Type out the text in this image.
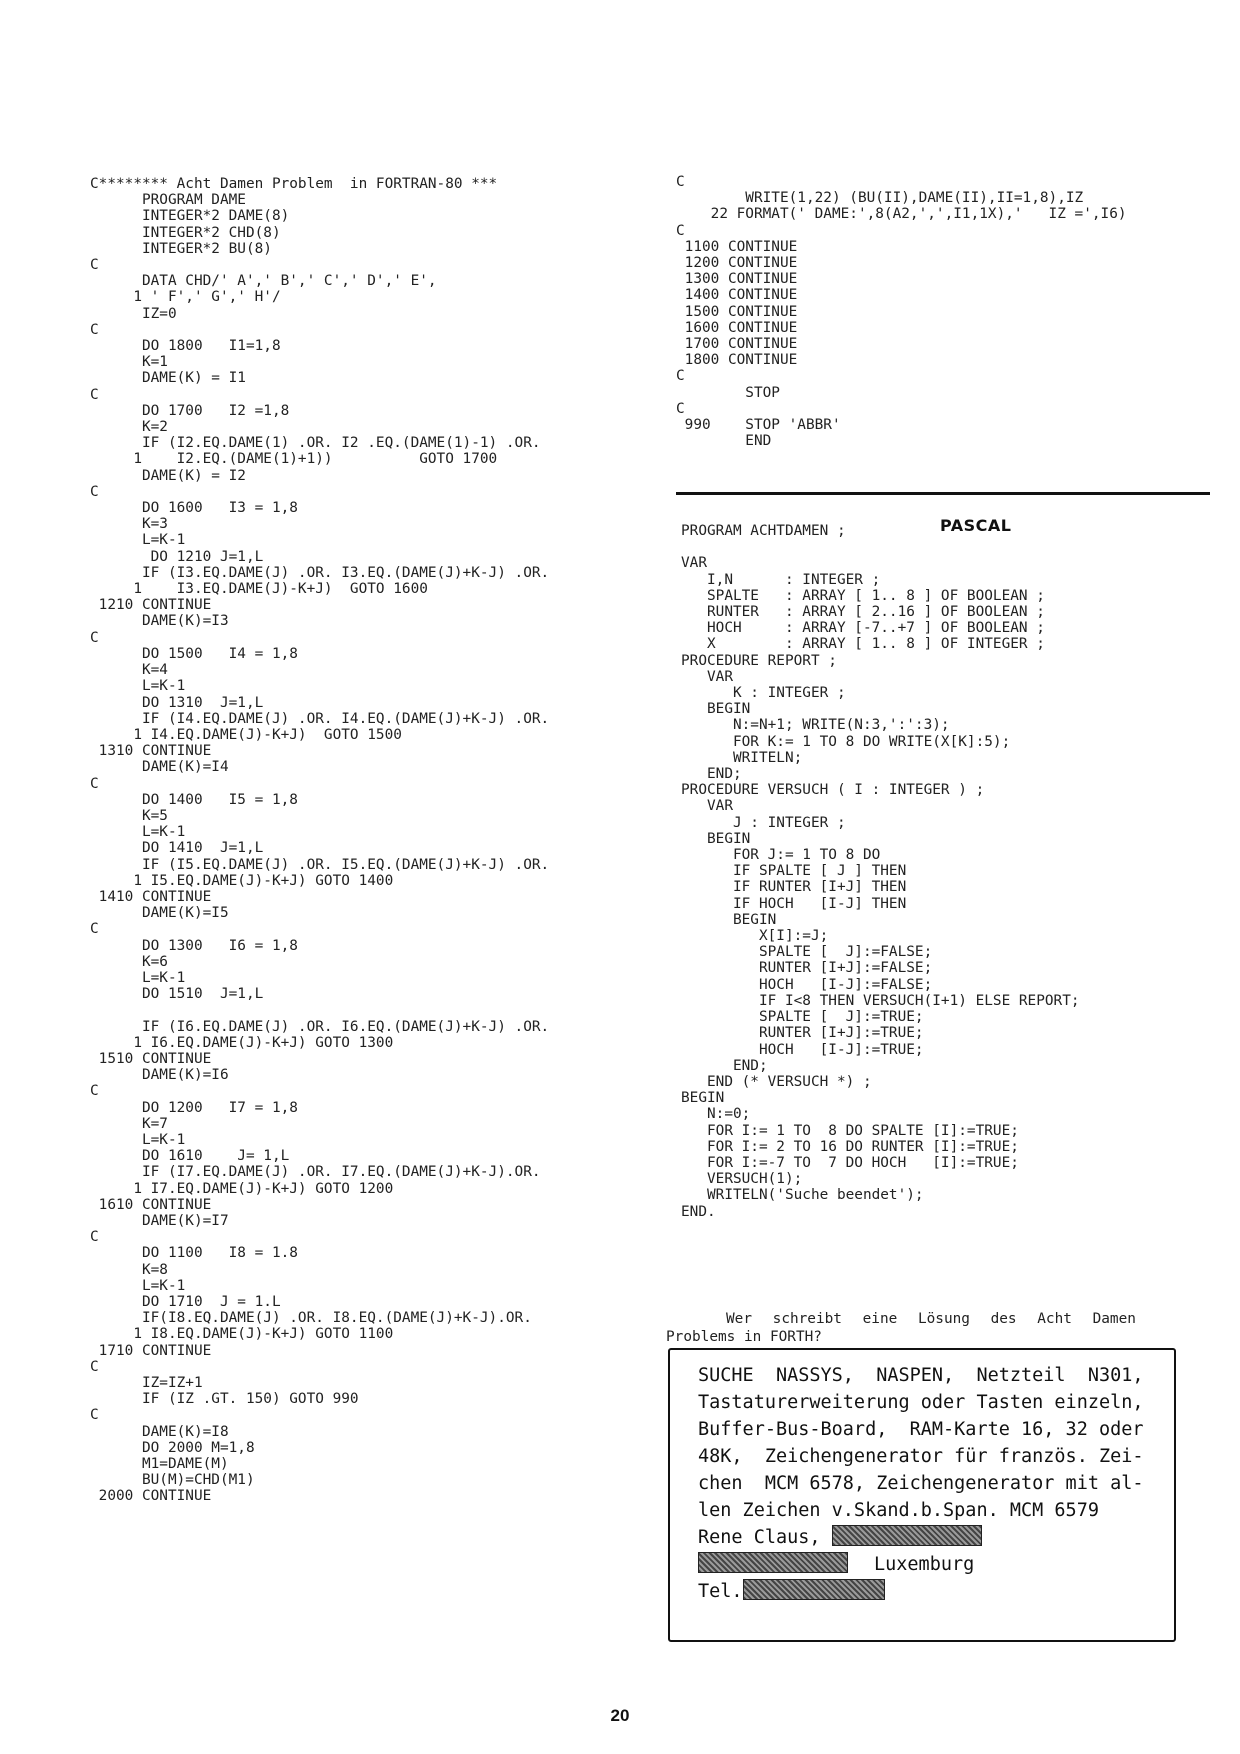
C******** Acht Damen Problem  in FORTRAN-80 ***
PROGRAM DAME
INTEGER*2 DAME(8)
INTEGER*2 CHD(8)
INTEGER*2 BU(8)
C
DATA CHD/' A',' B',' C',' D',' E',
1 ' F',' G',' H'/
IZ=0
C
DO 1800   I1=1,8
K=1
DAME(K) = I1
C
DO 1700   I2 =1,8
K=2
IF (I2.EQ.DAME(1) .OR. I2 .EQ.(DAME(1)-1) .OR.
1    I2.EQ.(DAME(1)+1))          GOTO 1700
DAME(K) = I2
C
DO 1600   I3 = 1,8
K=3
L=K-1
DO 1210 J=1,L
IF (I3.EQ.DAME(J) .OR. I3.EQ.(DAME(J)+K-J) .OR.
1    I3.EQ.DAME(J)-K+J)  GOTO 1600
1210 CONTINUE
DAME(K)=I3
C
DO 1500   I4 = 1,8
K=4
L=K-1
DO 1310  J=1,L
IF (I4.EQ.DAME(J) .OR. I4.EQ.(DAME(J)+K-J) .OR.
1 I4.EQ.DAME(J)-K+J)  GOTO 1500
1310 CONTINUE
DAME(K)=I4
C
DO 1400   I5 = 1,8
K=5
L=K-1
DO 1410  J=1,L
IF (I5.EQ.DAME(J) .OR. I5.EQ.(DAME(J)+K-J) .OR.
1 I5.EQ.DAME(J)-K+J) GOTO 1400
1410 CONTINUE
DAME(K)=I5
C
DO 1300   I6 = 1,8
K=6
L=K-1
DO 1510  J=1,L

IF (I6.EQ.DAME(J) .OR. I6.EQ.(DAME(J)+K-J) .OR.
1 I6.EQ.DAME(J)-K+J) GOTO 1300
1510 CONTINUE
DAME(K)=I6
C
DO 1200   I7 = 1,8
K=7
L=K-1
DO 1610    J= 1,L
IF (I7.EQ.DAME(J) .OR. I7.EQ.(DAME(J)+K-J).OR.
1 I7.EQ.DAME(J)-K+J) GOTO 1200
1610 CONTINUE
DAME(K)=I7
C
DO 1100   I8 = 1.8
K=8
L=K-1
DO 1710  J = 1.L
IF(I8.EQ.DAME(J) .OR. I8.EQ.(DAME(J)+K-J).OR.
1 I8.EQ.DAME(J)-K+J) GOTO 1100
1710 CONTINUE
C
IZ=IZ+1
IF (IZ .GT. 150) GOTO 990
C
DAME(K)=I8
DO 2000 M=1,8
M1=DAME(M)
BU(M)=CHD(M1)
2000 CONTINUE
C
WRITE(1,22) (BU(II),DAME(II),II=1,8),IZ
22 FORMAT(' DAME:',8(A2,',',I1,1X),'   IZ =',I6)
C
1100 CONTINUE
1200 CONTINUE
1300 CONTINUE
1400 CONTINUE
1500 CONTINUE
1600 CONTINUE
1700 CONTINUE
1800 CONTINUE
C
STOP
C
990    STOP 'ABBR'
END
PASCAL
PROGRAM ACHTDAMEN ;

VAR
I,N      : INTEGER ;
SPALTE   : ARRAY [ 1.. 8 ] OF BOOLEAN ;
RUNTER   : ARRAY [ 2..16 ] OF BOOLEAN ;
HOCH     : ARRAY [-7..+7 ] OF BOOLEAN ;
X        : ARRAY [ 1.. 8 ] OF INTEGER ;
PROCEDURE REPORT ;
VAR
K : INTEGER ;
BEGIN
N:=N+1; WRITE(N:3,':':3);
FOR K:= 1 TO 8 DO WRITE(X[K]:5);
WRITELN;
END;
PROCEDURE VERSUCH ( I : INTEGER ) ;
VAR
J : INTEGER ;
BEGIN
FOR J:= 1 TO 8 DO
IF SPALTE [ J ] THEN
IF RUNTER [I+J] THEN
IF HOCH   [I-J] THEN
BEGIN
X[I]:=J;
SPALTE [  J]:=FALSE;
RUNTER [I+J]:=FALSE;
HOCH   [I-J]:=FALSE;
IF I<8 THEN VERSUCH(I+1) ELSE REPORT;
SPALTE [  J]:=TRUE;
RUNTER [I+J]:=TRUE;
HOCH   [I-J]:=TRUE;
END;
END (* VERSUCH *) ;
BEGIN
N:=0;
FOR I:= 1 TO  8 DO SPALTE [I]:=TRUE;
FOR I:= 2 TO 16 DO RUNTER [I]:=TRUE;
FOR I:=-7 TO  7 DO HOCH   [I]:=TRUE;
VERSUCH(1);
WRITELN('Suche beendet');
END.
Wer schreibt eine Lösung des Acht Damen
Problems in FORTH?
SUCHE  NASSYS,  NASPEN,  Netzteil  N301,
Tastaturerweiterung oder Tasten einzeln,
Buffer-Bus-Board,  RAM-Karte 16, 32 oder
48K,  Zeichengenerator für französ. Zei-
chen  MCM 6578, Zeichengenerator mit al-
len Zeichen v.Skand.b.Span. MCM 6579
Rene Claus,
Luxemburg
Tel.
20
